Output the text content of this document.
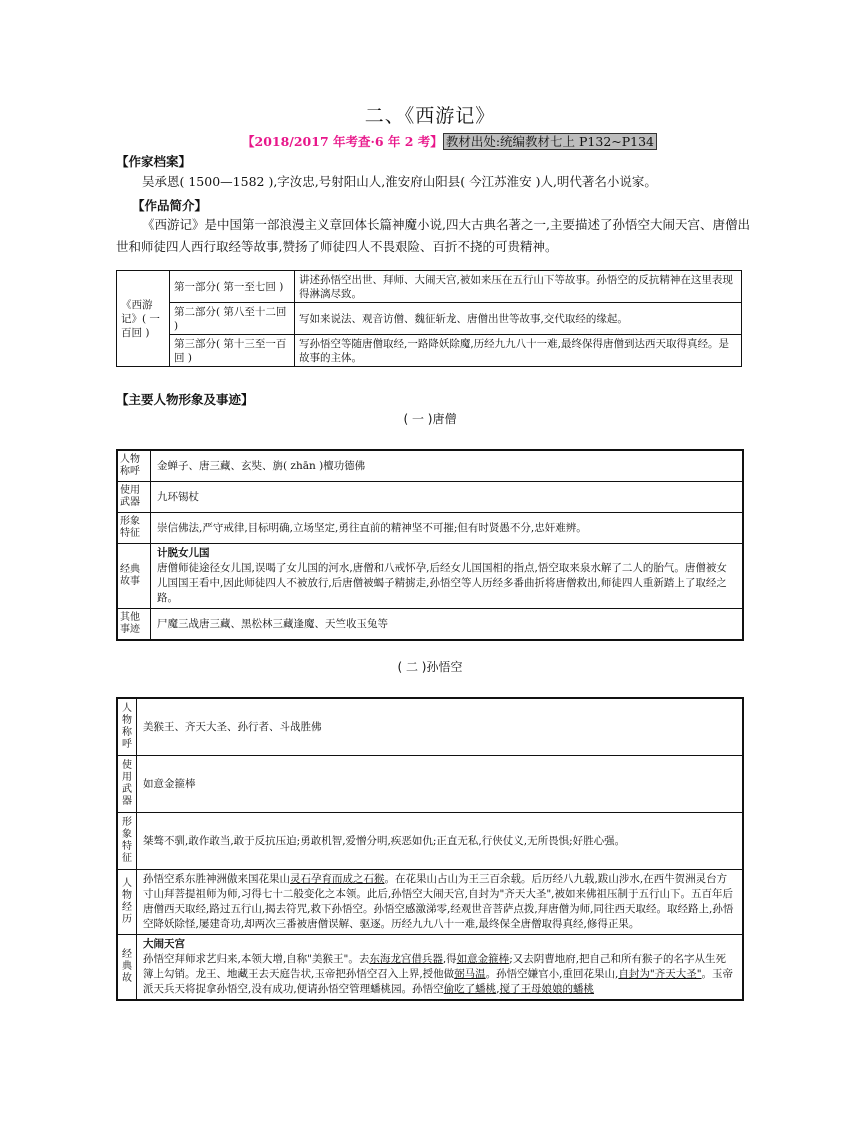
二、《西游记》
【2018/2017 年考查·6 年 2 考】 教材出处:统编教材七上 P132~P134
【作家档案】
吴承恩( 1500—1582 ),字汝忠,号射阳山人,淮安府山阳县( 今江苏淮安 )人,明代著名小说家。
【作品简介】
《西游记》是中国第一部浪漫主义章回体长篇神魔小说,四大古典名著之一,主要描述了孙悟空大闹天宫、唐僧出世和师徒四人西行取经等故事,赞扬了师徒四人不畏艰险、百折不挠的可贵精神。
《西游记》( 一百回 )	第一部分( 第一至七回 )	讲述孙悟空出世、拜师、大闹天宫,被如来压在五行山下等故事。孙悟空的反抗精神在这里表现得淋漓尽致。
	第二部分( 第八至十二回 )	写如来说法、观音访僧、魏征斩龙、唐僧出世等故事,交代取经的缘起。
	第三部分( 第十三至一百回 )	写孙悟空等随唐僧取经,一路降妖除魔,历经九九八十一难,最终保得唐僧到达西天取得真经。是故事的主体。
【主要人物形象及事迹】
( 一 )唐僧
人物称呼	金蝉子、唐三藏、玄奘、旃( zhān )檀功德佛
使用武器	九环锡杖
形象特征	崇信佛法,严守戒律,目标明确,立场坚定,勇往直前的精神坚不可摧;但有时贤愚不分,忠奸难辨。
经典故事	计脱女儿国
唐僧师徒途径女儿国,误喝了女儿国的河水,唐僧和八戒怀孕,后经女儿国国相的指点,悟空取来泉水解了二人的胎气。唐僧被女儿国国王看中,因此师徒四人不被放行,后唐僧被蝎子精掳走,孙悟空等人历经多番曲折将唐僧救出,师徒四人重新踏上了取经之路。

其他事迹	尸魔三战唐三藏、黑松林三藏逢魔、天竺收玉兔等
( 二 )孙悟空
人物称呼	美猴王、齐天大圣、孙行者、斗战胜佛
使用武器	如意金箍棒
形象特征	桀骜不驯,敢作敢当,敢于反抗压迫;勇敢机智,爱憎分明,疾恶如仇;正直无私,行侠仗义,无所畏惧;好胜心强。
人物经历	孙悟空系东胜神洲傲来国花果山灵石孕育而成之石猴。在花果山占山为王三百余载。后历经八九载,跋山涉水,在西牛贺洲灵台方寸山拜菩提祖师为师,习得七十二般变化之本领。此后,孙悟空大闹天宫,自封为"齐天大圣",被如来佛祖压制于五行山下。五百年后唐僧西天取经,路过五行山,揭去符咒,救下孙悟空。孙悟空感激涕零,经观世音菩萨点拨,拜唐僧为师,同往西天取经。取经路上,孙悟空降妖除怪,屡建奇功,却两次三番被唐僧误解、驱逐。历经九九八十一难,最终保全唐僧取得真经,修得正果。
经典故	大闹天宫
孙悟空拜师求艺归来,本领大增,自称"美猴王"。去东海龙宫借兵器,得如意金箍棒;又去阴曹地府,把自己和所有猴子的名字从生死簿上勾销。龙王、地藏王去天庭告状,玉帝把孙悟空召入上界,授他做弼马温。孙悟空嫌官小,重回花果山,自封为"齐天大圣"。玉帝派天兵天将捉拿孙悟空,没有成功,便请孙悟空管理蟠桃园。孙悟空偷吃了蟠桃,搅了王母娘娘的蟠桃
